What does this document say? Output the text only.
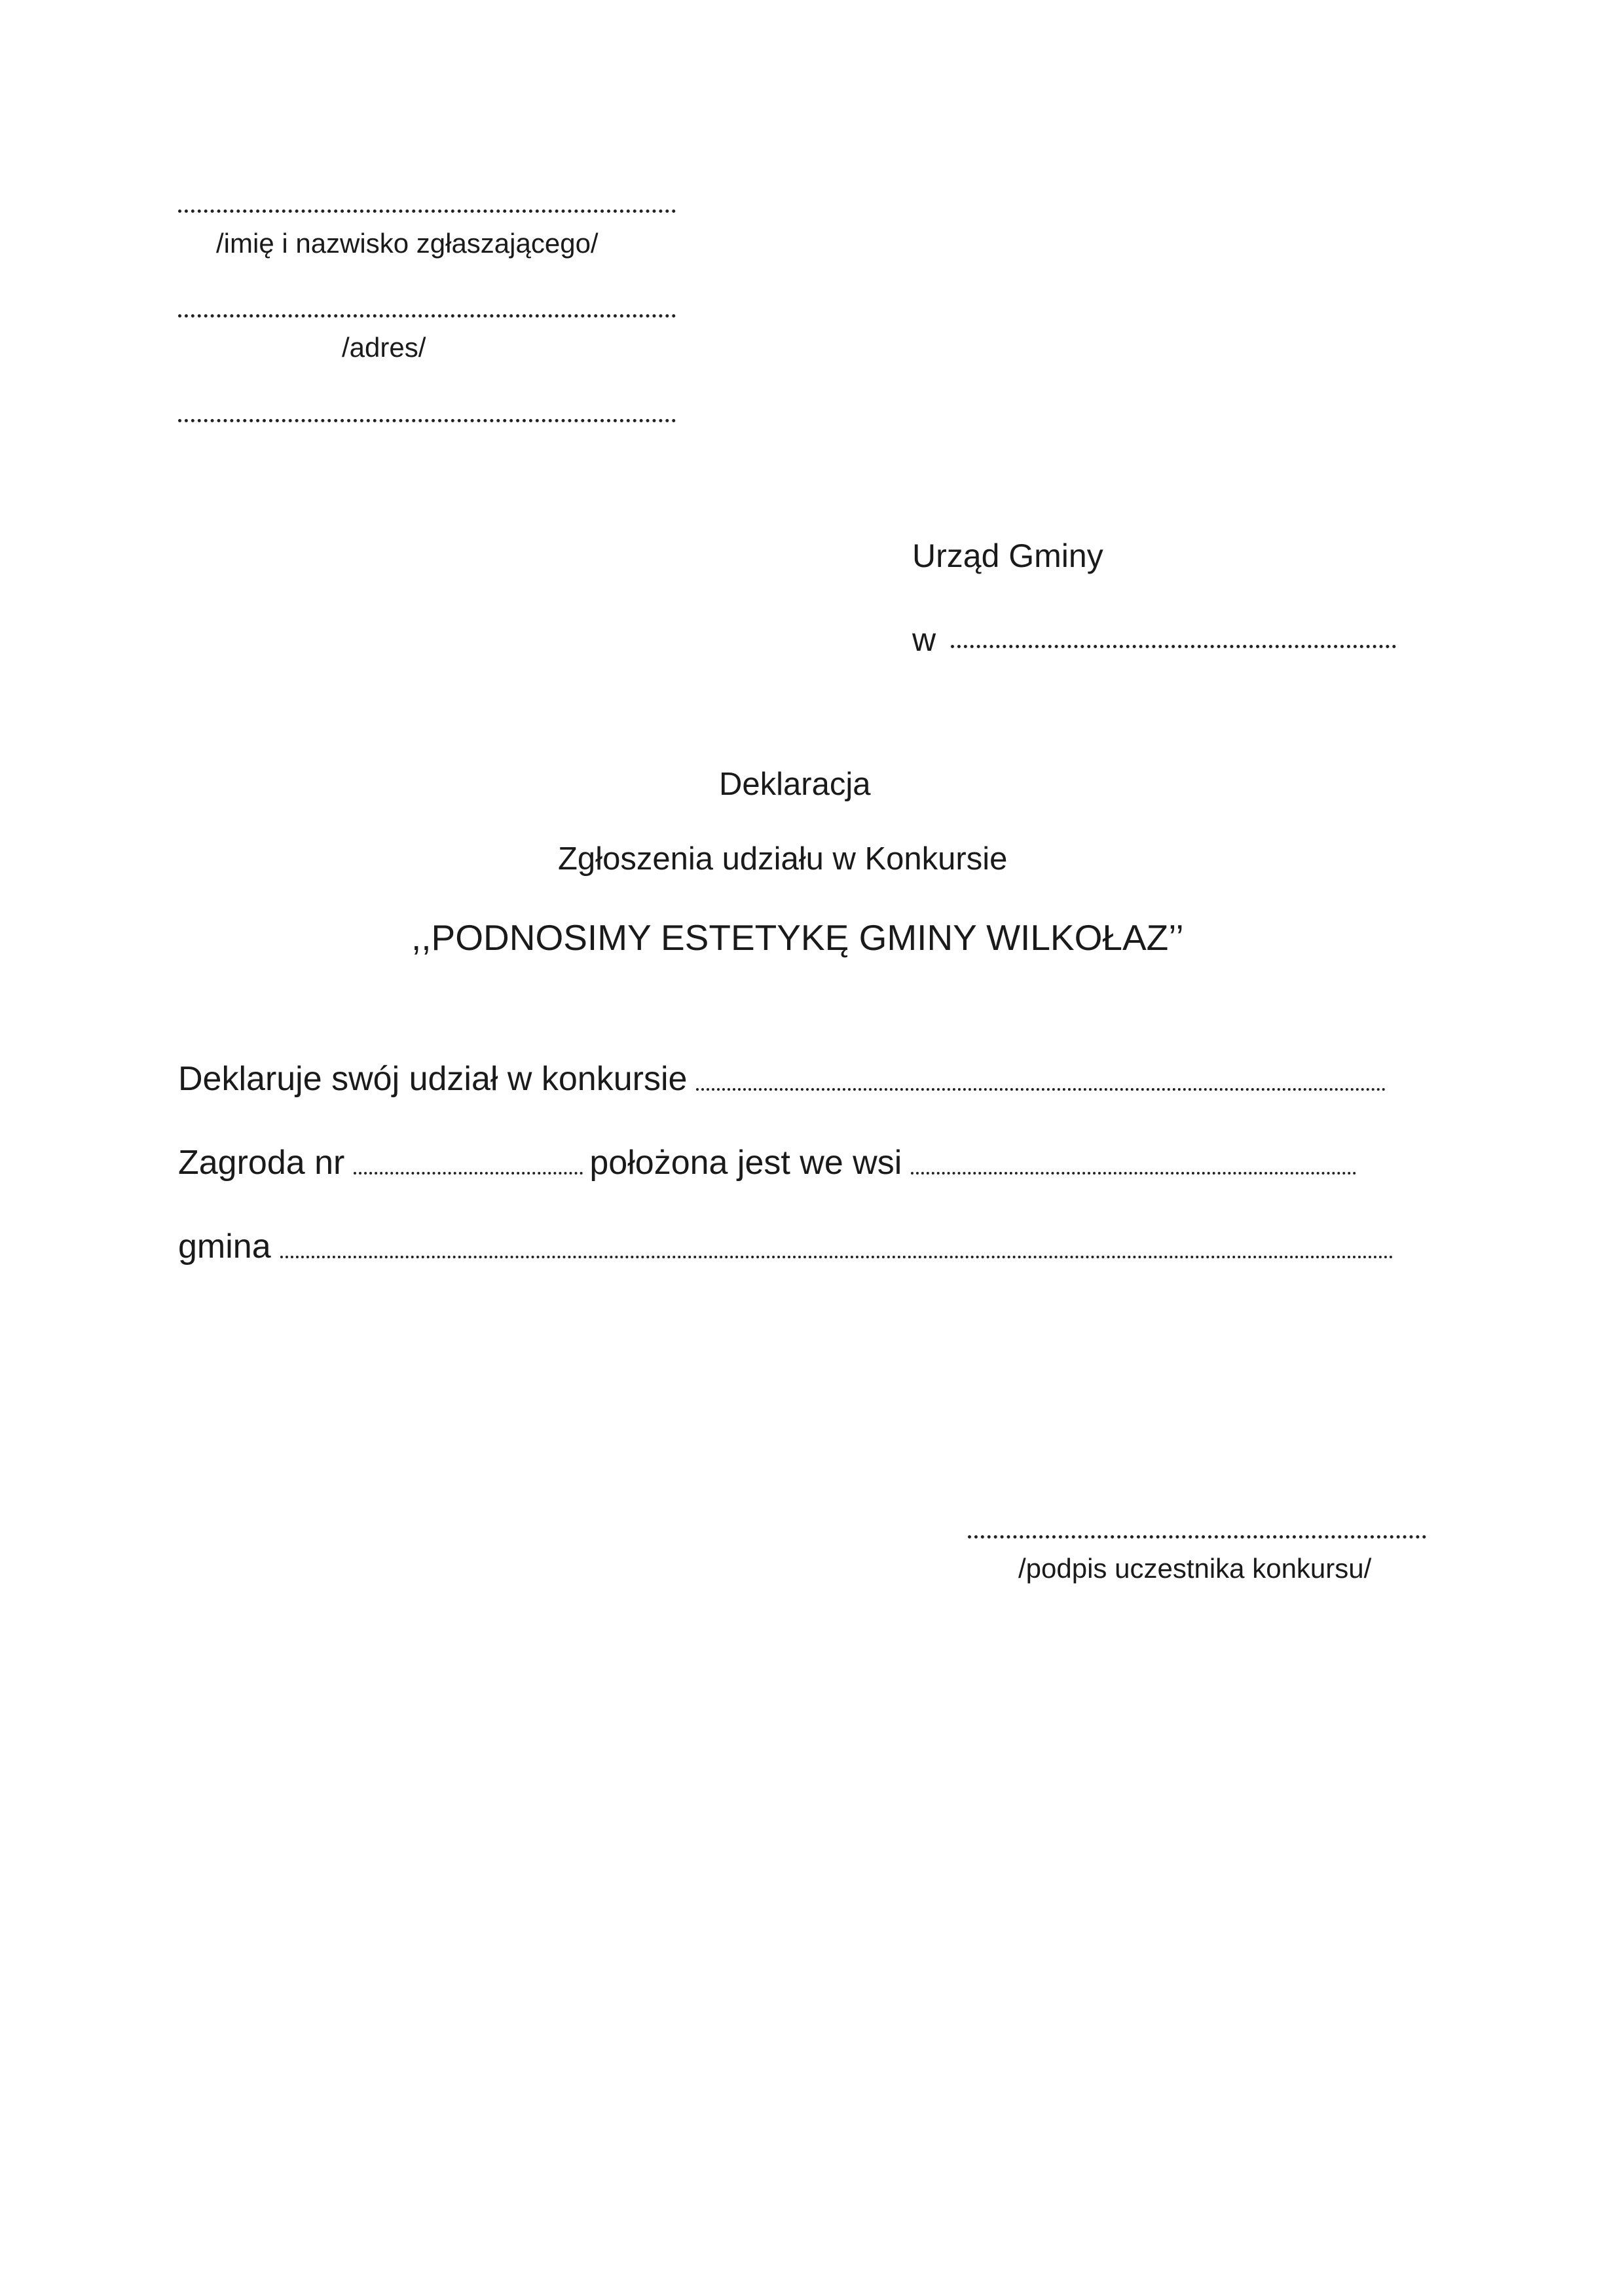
/imię i nazwisko zgłaszającego/
/adres/
Urząd Gminy
w
Deklaracja
Zgłoszenia udziału w Konkursie
,,PODNOSIMY ESTETYKĘ GMINY WILKOŁAZ’’
Deklaruje swój udział w konkursie
Zagroda nr	położona jest we wsi
gmina
/podpis uczestnika konkursu/
